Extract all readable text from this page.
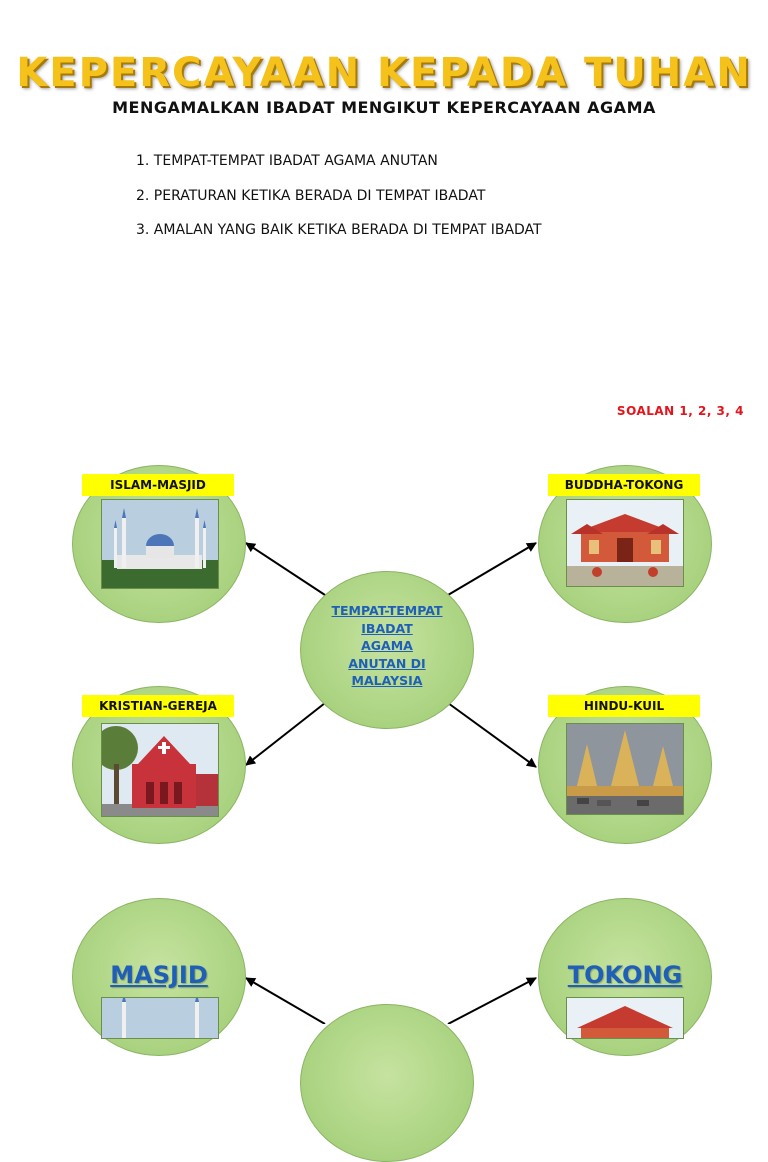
KEPERCAYAAN KEPADA TUHAN
MENGAMALKAN IBADAT MENGIKUT KEPERCAYAAN AGAMA
1. TEMPAT-TEMPAT IBADAT AGAMA ANUTAN
2. PERATURAN KETIKA BERADA DI TEMPAT IBADAT
3. AMALAN YANG BAIK KETIKA BERADA DI TEMPAT IBADAT
SOALAN 1, 2, 3, 4
ISLAM-MASJID	BUDDHA-TOKONG
TEMPAT-TEMPAT
IBADAT
AGAMA
ANUTAN DI
MALAYSIA
KRISTIAN-GEREJA	HINDU-KUIL
MASJID	TOKONG
